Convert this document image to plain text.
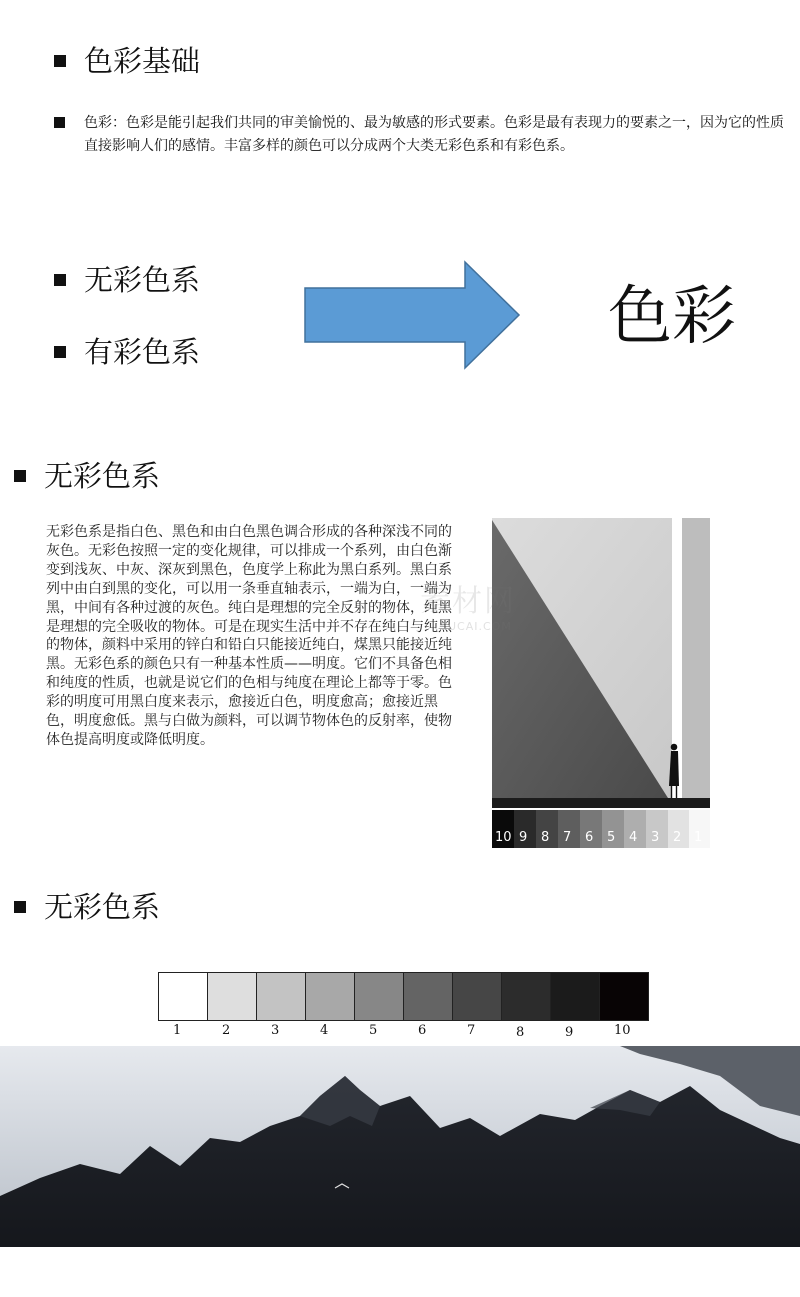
色彩基础
色彩：色彩是能引起我们共同的审美愉悦的、最为敏感的形式要素。色彩是最有表现力的要素之一，因为它的性质直接影响人们的感情。丰富多样的颜色可以分成两个大类无彩色系和有彩色系。
无彩色系
有彩色系	色彩
无彩色系
无彩色系是指白色、黑色和由白色黑色调合形成的各种深浅不同的灰色。无彩色按照一定的变化规律，可以排成一个系列，由白色渐变到浅灰、中灰、深灰到黑色，色度学上称此为黑白系列。黑白系列中由白到黑的变化，可以用一条垂直轴表示，一端为白，一端为黑，中间有各种过渡的灰色。纯白是理想的完全反射的物体，纯黑是理想的完全吸收的物体。可是在现实生活中并不存在纯白与纯黑的物体，颜料中采用的锌白和铅白只能接近纯白，煤黑只能接近纯黑。无彩色系的颜色只有一种基本性质——明度。它们不具备色相和纯度的性质，也就是说它们的色相与纯度在理论上都等于零。色彩的明度可用黑白度来表示，愈接近白色，明度愈高；愈接近黑色，明度愈低。黑与白做为颜料，可以调节物体色的反射率，使物体色提高明度或降低明度。
10 9 8 7 6 5 4 3 2 1
素材网
SUCAI.COM
无彩色系
1	2	3	4	5	6	7	8	9	10
